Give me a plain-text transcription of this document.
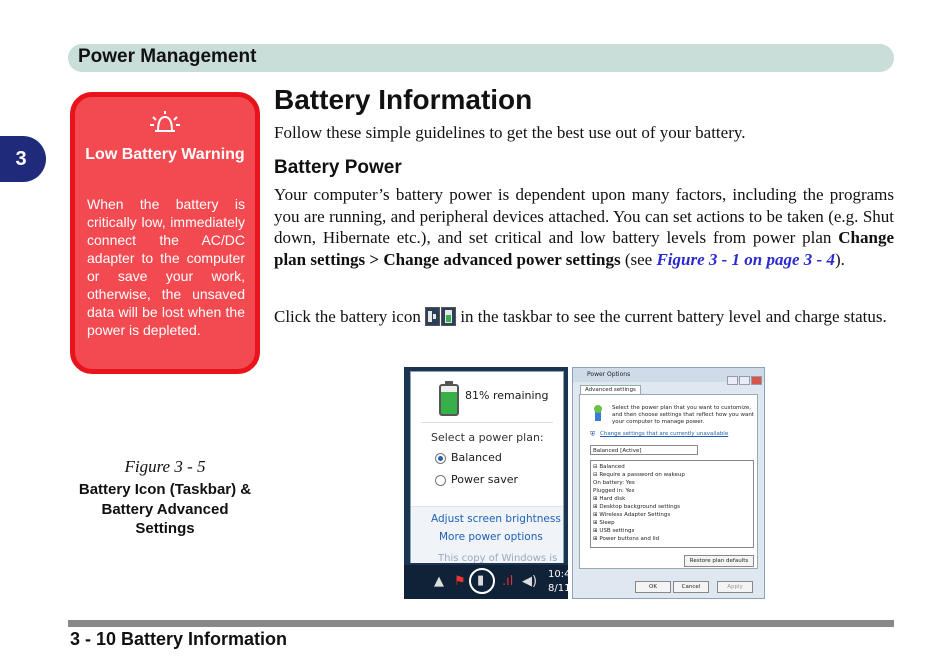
Power Management
3	Low Battery Warning
When the battery is critically low, immediately connect the AC/DC adapter to the computer or save your work, otherwise, the unsaved data will be lost when the power is depleted.
Battery Information

Follow these simple guidelines to get the best use out of your battery.

Battery Power

Your computer’s battery power is dependent upon many factors, including the programs you are running, and peripheral devices attached. You can set actions to be taken (e.g. Shut down, Hibernate etc.), and set critical and low battery levels from power plan Change plan settings > Change advanced power settings (see Figure 3 - 1 on page 3 - 4).

Click the battery icon  in the taskbar to see the current battery level and charge status.

Figure 3 - 5
Battery Icon (Taskbar) & Battery Advanced Settings
81% remaining
Select a power plan:
Balanced
Power saver
Adjust screen brightness
More power options
This copy of Windows is
▲ ⚑ ▮ .ıl ◀) 10:4
8/11
Power Options
Advanced settings
Select the power plan that you want to customize, and then choose settings that reflect how you want your computer to manage power.
⛨ Change settings that are currently unavailable
Balanced [Active]
⊟ Balanced
⊟ Require a password on wakeup
On battery: Yes
Plugged in: Yes
⊞ Hard disk
⊞ Desktop background settings
⊞ Wireless Adapter Settings
⊞ Sleep
⊞ USB settings
⊞ Power buttons and lid
Restore plan defaults
OK	Cancel	Apply
3 - 10 Battery Information
